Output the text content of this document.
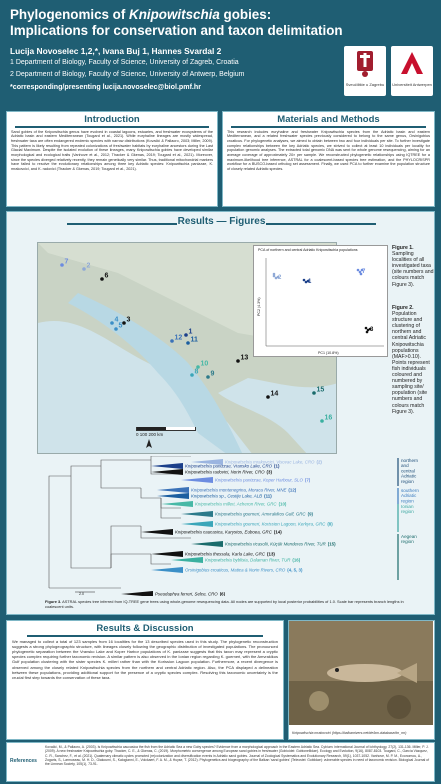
Phylogenomics of Knipowitschia gobies:
Implications for conservation and taxon delimitation
Lucija Novoselec 1,2,*, Ivana Buj 1, Hannes Svardal 2
1 Department of Biology, Faculty of Science, University of Zagreb, Croatia
2 Department of Biology, Faculty of Science, University of Antwerp, Belgium
*corresponding/presenting lucija.novoselec@biol.pmf.hr	Sveučilište u Zagrebu	Universiteit Antwerpen
Introduction
Sand gobies of the Knipowitschia genus have evolved in coastal lagoons, estuaries, and freshwater ecosystems of the Adriatic basin and eastern Mediterranean (Tougard et al., 2021). While euryhaline lineages are mostly widespread, freshwater taxa are often endangered endemic species with narrow distributions (Kovačić & Pallaoro, 2003; Miller, 2009). This pattern is likely resulting from repeated colonizations of freshwater habitats by euryhaline ancestors during the Last Glacial Maximum. Despite the isolated evolution of these lineages, many Knipowitschia gobies have developed similar morphological and ecological traits (Vanhove et al., 2012; Thacker & Gkenas, 2019; Tougard et al., 2021). Moreover, since the species diverged relatively recently, they remain genetically very similar. Thus, traditional mitochondrial markers have failed to resolve the evolutionary relationships among three key Adriatic species: Knipowitschia panizzae, K. mrakovcici, and K. radovici (Thacker & Gkenas, 2019; Tougard et al., 2021).
Materials and Methods
This research includes euryhaline and freshwater Knipowitschia species from the Adriatic basin and eastern Mediterranean, and a related freshwater species previously considered to belong to the same genus, Orsinigobius croaticus. For phylogenetic analyses, we aimed to obtain between two and four individuals per site. To further investigate complex relationships between the key Adriatic species, we strived to collect at least 10 individuals per locality for population genomic analyses. The extracted total genomic DNA was sent for whole genome resequencing, aiming for an average coverage of approximately 20× per sample. We reconstructed phylogenetic relationships using IQTREE for a maximum-likelihood tree inference, ASTRAL for a coalescent-based species tree estimation, and the PHYLOCRISPR workflow for a BUSCO-based ortholog set assessment. Finally, we used PCA to further examine the population structure of closely related Adriatic species.
Results — Figures
1
2
3
4
5
6
7
8 9
10
11
12
13
14
15
16
0 100 200 km
PCA of northern and central Adriatic Knipowitschia populations
1
2
3
7
PC1 (10.8%)
PC2 (4.3%)
Figure 1. Sampling localities of all investigated taxa (site numbers and colours match Figure 3).
Figure 2. Population structure and clustering of northern and central Adriatic Knipowitschia populations (MAF>0.10). Points represent fish individuals coloured and numbered by sampling site/ population (site numbers and colours match Figure 3).
Knipowitschia mrakovcici, Visovac Lake, CRO (2)
Knipowitschia panizzae, Vransko Lake, CRO (1)
Knipowitschia radovici, Norin River, CRO (3)
Knipowitschia panizzae, Koper Harbour, SLO (7)
Knipowitschia montenegrina, Moraca River, MNE (12)
Knipowitschia sp., Cestije Lake, ALB (11)
Knipowitschia milleri, Acheron River, GRC (10)
Knipowitschia goerneri, Amvrakikos Gulf, GRC (9)
Knipowitschia goerneri, Korission Lagoon, Kerkyra, GRC (8)
Knipowitschia caucasica, Karystos, Euboea, GRC (14)
Knipowitschia ricasolii, Küçük Menderes River, TUR (15)
Knipowitschia thessala, Karla Lake, GRC (13)
Knipowitschia byblisia, Dalaman River, TUR (16)
Orsinigobius croaticus, Matica & Norin Rivers, CRO (4, 5, 3)
Pseudaphya ferreri, Selce, CRO (6)
northern and central Adriatic region
southern Adriatic region
Ionian region
Aegean region
2.0
Figure 3. ASTRAL species tree inferred from IQ-TREE gene trees using whole-genome resequencing data. All nodes are supported by local posterior probabilities of 1.0. Scale bar represents branch lengths in coalescent units.
Results & Discussion
We managed to collect a total of 123 samples from 16 localities for the 13 described species used in this study. The phylogenetic reconstruction suggests a strong phylogeographic structure, with lineages closely following the geographic distribution of investigated populations. The pronounced phylogenetic separation between the Vransko Lake and Koper Harbor populations of K. panizzae suggests that this taxon may represent a cryptic species complex requiring further taxonomic revision. A similar pattern is also observed in the Ionian region regarding K. goerneri, with the Amvrakikos Gulf population clustering with the sister species K. milleri rather than with the Korission Lagoon population. Furthermore, a recent divergence is observed among the closely related Knipowitschia species from the northern and central Adriatic region. Also, the PCA displayed a delineation between these populations, providing additional support for the presence of a cryptic species complex. Resolving this taxonomic uncertainty is the crucial first step towards the conservation of these taxa.
Knipowitschia mrakovcici (https://balkanrivers.net/de/bm-database/kn_mr)
References
Kovačić, M., & Pallaoro, A. (2003). Is Knipowitschia caucasica the fish from the Adriatic Sea a new Goby species? Evidence from a morphological approach in the Eastern Adriatic Sea. Cybium: international Journal of Ichthyology, 27(2), 131-136. Miller, P. J. (2009). A new freshwater Knipowitschia goby. Thacker, C. E., & Gkenas, C. (2019). Morphometric convergence among European sand gobies in freshwater (Gobioidei: Gobionellidae). Ecology and Evolution, 9(16), 8087-8103. Tougard, C., García Vázquez, C. R., Sanchez, F., et al. (2021). Quaternary climatic cycles promoted (re)colonization and diversification events in Adriatic sand gobies. Journal of Zoological Systematics and Evolutionary Research, 59(1), 1037-1052. Vanhove, M. P. M., Economou, A., Zogaris, S., Larmuseau, M. H. D., Giakoumi, S., Kalogianni, E., Volckaert, F. A. M., & Huyse, T. (2012). Phylogenetics and biogeography of the Balkan 'sand gobies' (Teleostei: Gobiidae): vulnerable species in need of taxonomic revision. Biological Journal of the Linnean Society, 105(1), 73-91.
